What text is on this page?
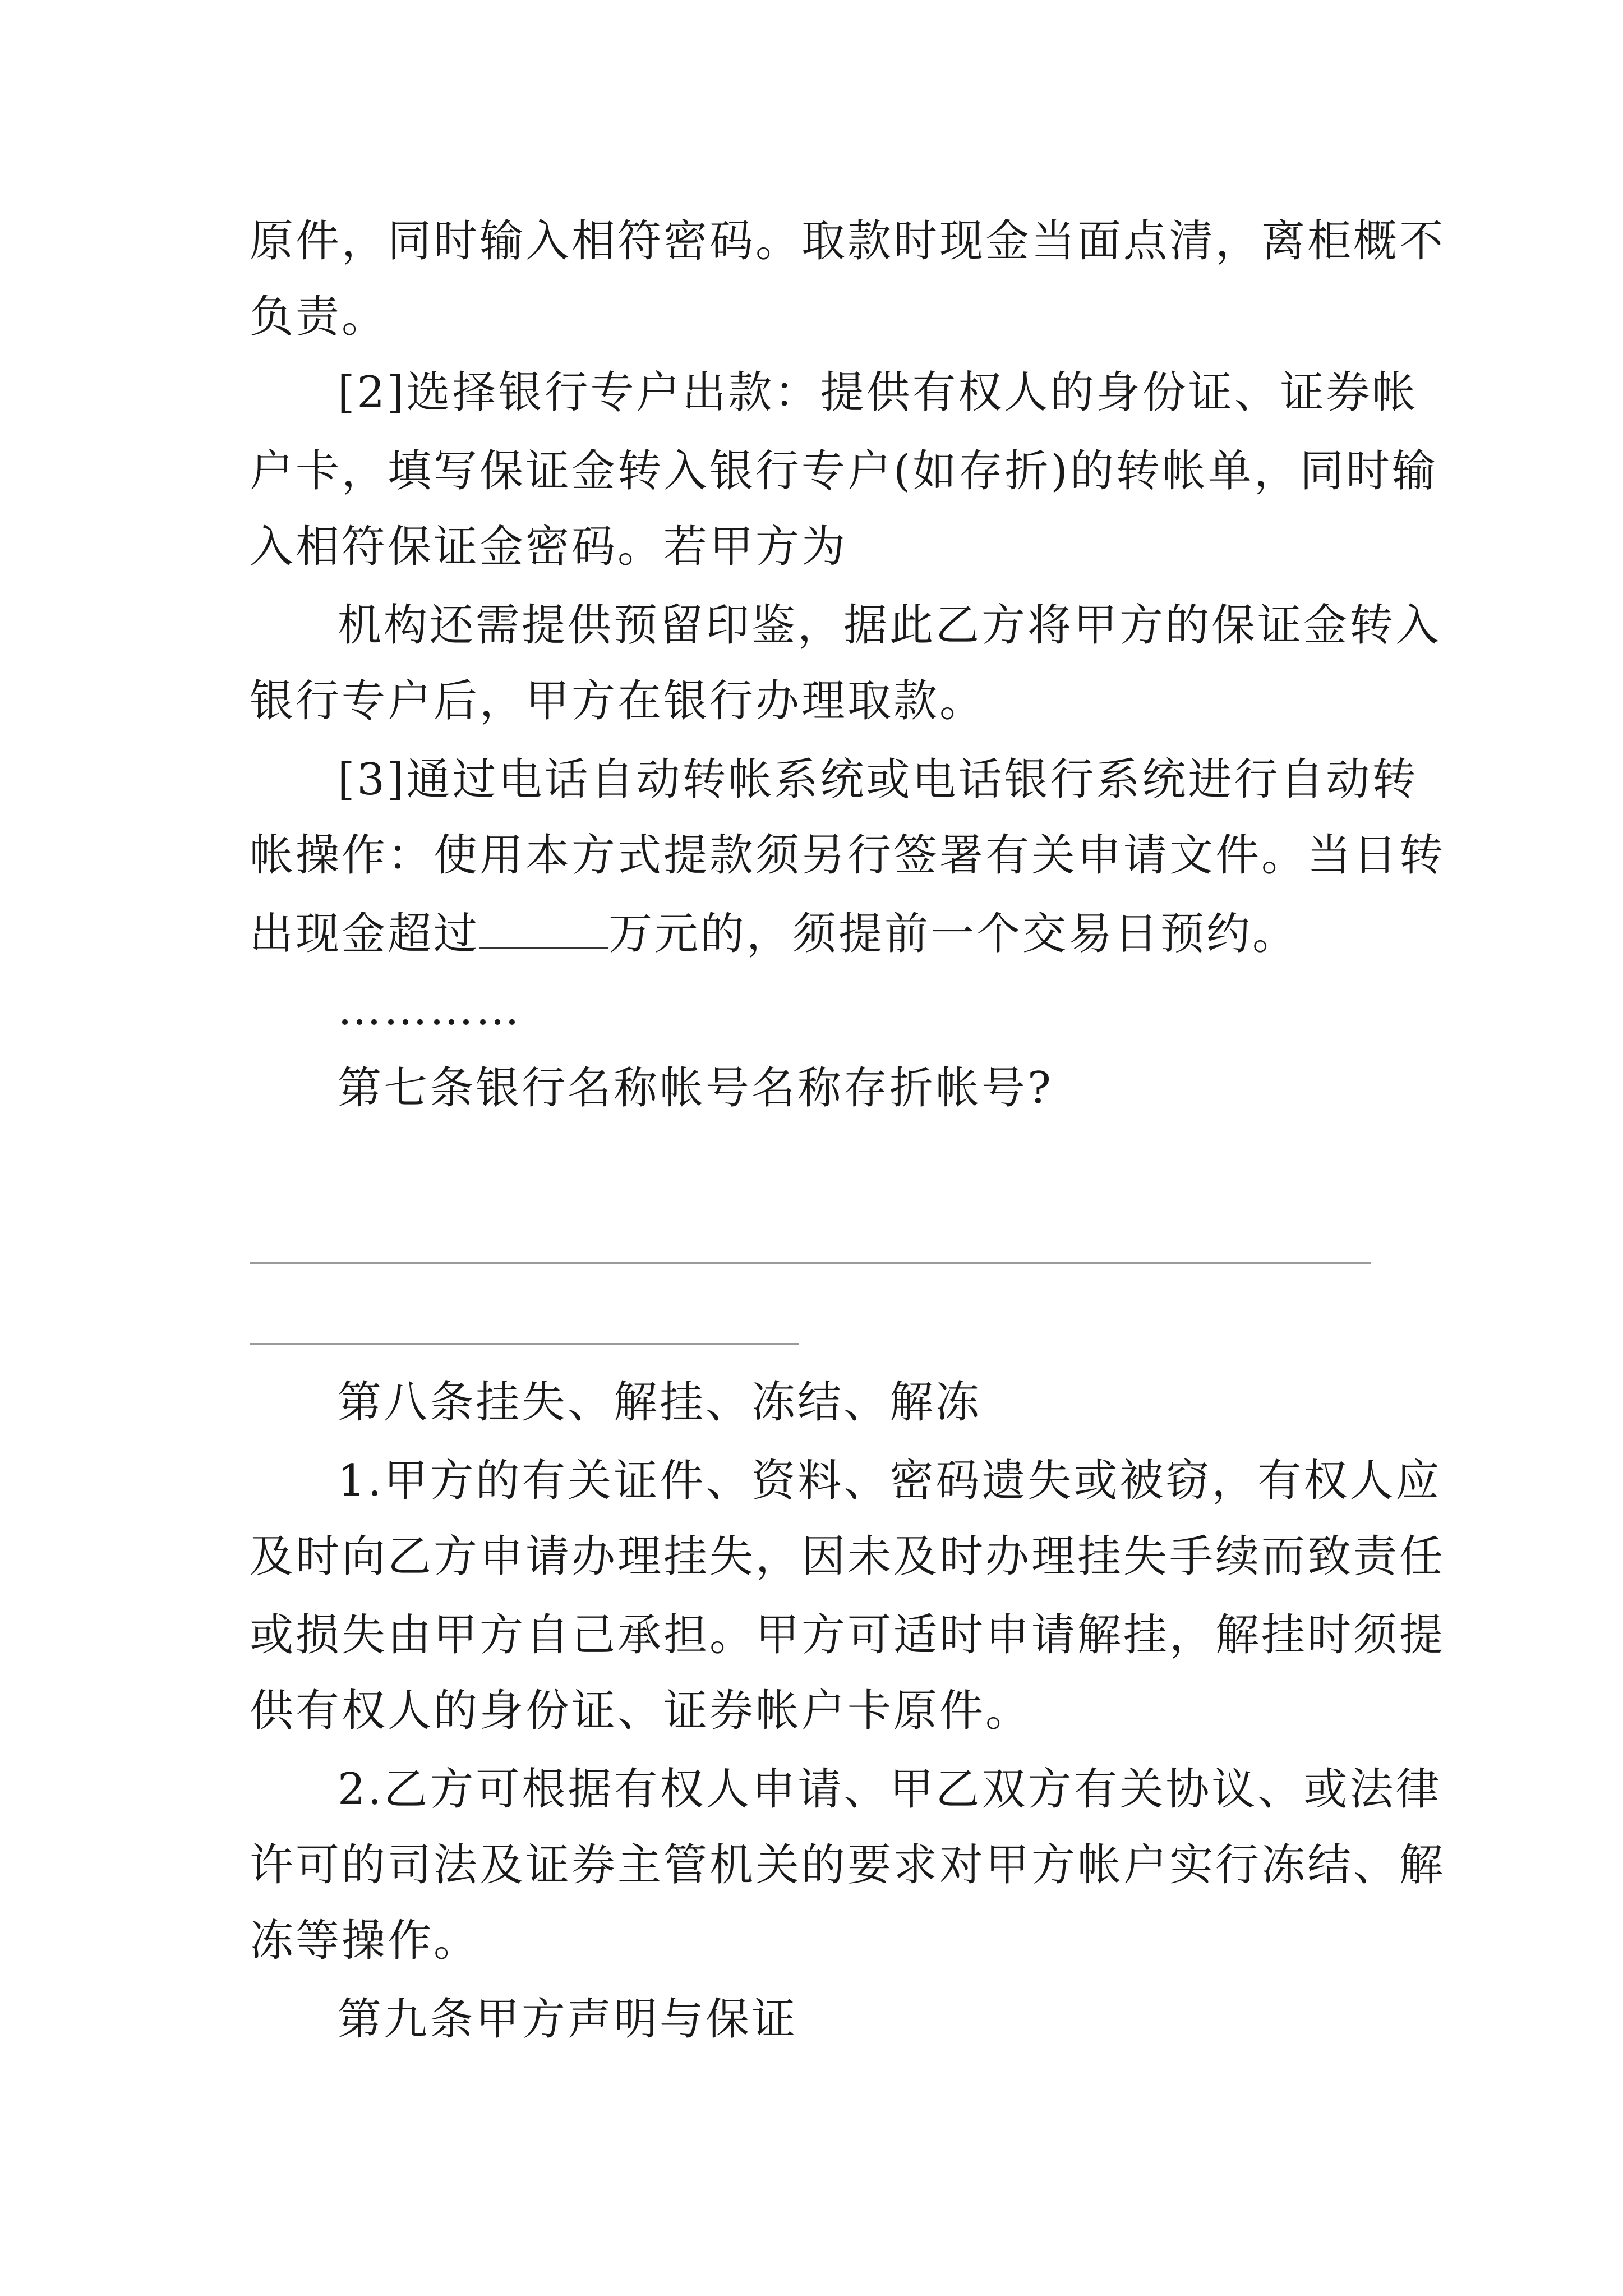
原件，同时输入相符密码。取款时现金当面点清，离柜概不
负责。
[2]选择银行专户出款：提供有权人的身份证、证券帐
户卡，填写保证金转入银行专户(如存折)的转帐单，同时输
入相符保证金密码。若甲方为
机构还需提供预留印鉴，据此乙方将甲方的保证金转入
银行专户后，甲方在银行办理取款。
[3]通过电话自动转帐系统或电话银行系统进行自动转
帐操作：使用本方式提款须另行签署有关申请文件。当日转
出现金超过	万元的，须提前一个交易日预约。
…………
第七条银行名称帐号名称存折帐号?
第八条挂失、解挂、冻结、解冻
1.甲方的有关证件、资料、密码遗失或被窃，有权人应
及时向乙方申请办理挂失，因未及时办理挂失手续而致责任
或损失由甲方自己承担。甲方可适时申请解挂，解挂时须提
供有权人的身份证、证券帐户卡原件。
2.乙方可根据有权人申请、甲乙双方有关协议、或法律
许可的司法及证券主管机关的要求对甲方帐户实行冻结、解
冻等操作。
第九条甲方声明与保证
